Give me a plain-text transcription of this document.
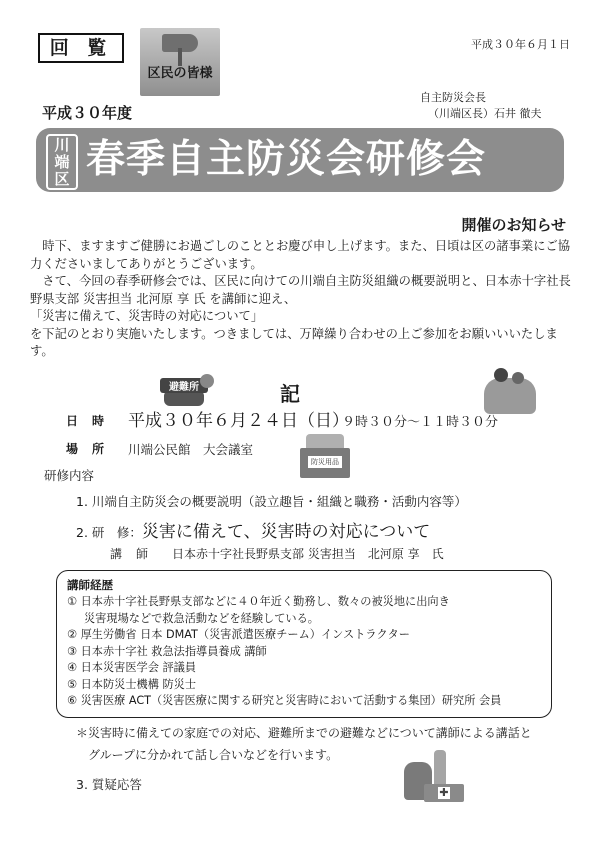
回 覧	平成３０年６月１日
区民の皆様
自主防災会長
（川端区長）石井 徹夫
平成３０年度
川
端
区 春季自主防災会研修会
開催のお知らせ

　時下、ますますご健勝にお過ごしのこととお慶び申し上げます。また、日頃は区の諸事業にご協力くださいましてありがとうございます。

　さて、今回の春季研修会では、区民に向けての川端自主防災組織の概要説明と、日本赤十字社長野県支部 災害担当 北河原 享 氏 を講師に迎え、

「災害に備えて、災害時の対応について」

を下記のとおり実施いたします。つきましては、万障繰り合わせの上ご参加をお願いいいたします。

避難所	記
日時 平成３０年６月２４日（日）
９時３０分～１１時３０分
場所 川端公民館　大会議室
防災用品
研修内容
1. 川端自主防災会の概要説明（設立趣旨・組織と職務・活動内容等）
2. 研　修：災害に備えて、災害時の対応について
講師 日本赤十字社長野県支部 災害担当　北河原 享　氏
講師経歴

① 日本赤十字社長野県支部などに４０年近く勤務し、数々の被災地に出向き

災害現場などで救急活動などを経験している。

② 厚生労働省 日本 DMAT（災害派遣医療チーム）インストラクター

③ 日本赤十字社 救急法指導員養成 講師

④ 日本災害医学会 評議員

⑤ 日本防災士機構 防災士

⑥ 災害医療 ACT（災害医療に関する研究と災害時において活動する集団）研究所 会員

＊災害時に備えての家庭での対応、避難所までの避難などについて講師による講話と
グループに分かれて話し合いなどを行います。
3. 質疑応答
✚
